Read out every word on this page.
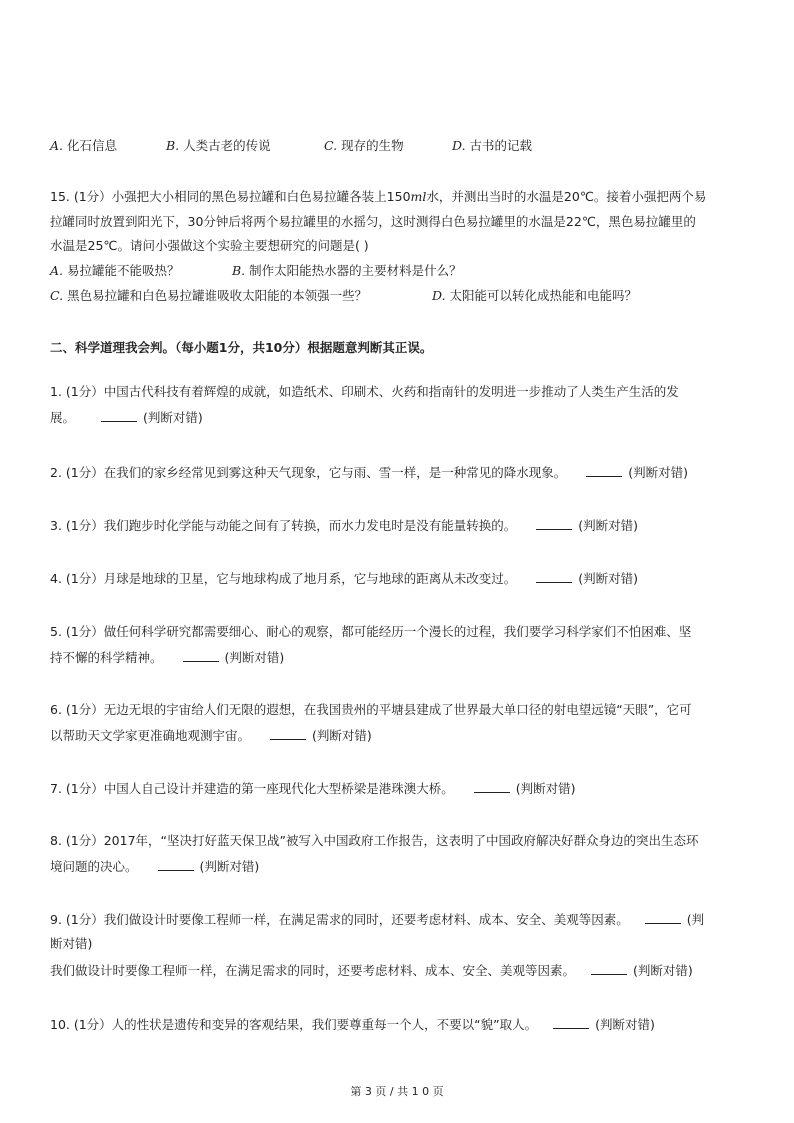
A. 化石信息	B. 人类古老的传说	C. 现存的生物	D. 古书的记载
15. (1分）小强把大小相同的黑色易拉罐和白色易拉罐各装上150ml水，并测出当时的水温是20℃。接着小强把两个易
拉罐同时放置到阳光下，30分钟后将两个易拉罐里的水摇匀，这时测得白色易拉罐里的水温是22℃，黑色易拉罐里的
水温是25℃。请问小强做这个实验主要想研究的问题是( )
A. 易拉罐能不能吸热？	B. 制作太阳能热水器的主要材料是什么？
C. 黑色易拉罐和白色易拉罐谁吸收太阳能的本领强一些？	D. 太阳能可以转化成热能和电能吗？
二、科学道理我会判。（每小题1分，共10分）根据题意判断其正误。
1. (1分）中国古代科技有着辉煌的成就，如造纸术、印刷术、火药和指南针的发明进一步推动了人类生产生活的发
展。	(判断对错)
2. (1分）在我们的家乡经常见到雾这种天气现象，它与雨、雪一样，是一种常见的降水现象。	(判断对错)
3. (1分）我们跑步时化学能与动能之间有了转换，而水力发电时是没有能量转换的。	(判断对错)
4. (1分）月球是地球的卫星，它与地球构成了地月系，它与地球的距离从未改变过。	(判断对错)
5. (1分）做任何科学研究都需要细心、耐心的观察，都可能经历一个漫长的过程，我们要学习科学家们不怕困难、坚
持不懈的科学精神。	(判断对错)
6. (1分）无边无垠的宇宙给人们无限的遐想，在我国贵州的平塘县建成了世界最大单口径的射电望远镜“天眼”，它可
以帮助天文学家更准确地观测宇宙。	(判断对错)
7. (1分）中国人自己设计并建造的第一座现代化大型桥梁是港珠澳大桥。	(判断对错)
8. (1分）2017年，“坚决打好蓝天保卫战”被写入中国政府工作报告，这表明了中国政府解决好群众身边的突出生态环
境问题的决心。	(判断对错)
9. (1分）我们做设计时要像工程师一样，在满足需求的同时，还要考虑材料、成本、安全、美观等因素。	(判
断对错)
我们做设计时要像工程师一样，在满足需求的同时，还要考虑材料、成本、安全、美观等因素。	(判断对错)
10. (1分）人的性状是遗传和变异的客观结果，我们要尊重每一个人，不要以“貌”取人。	(判断对错)
第 3 页 / 共 1 0 页
